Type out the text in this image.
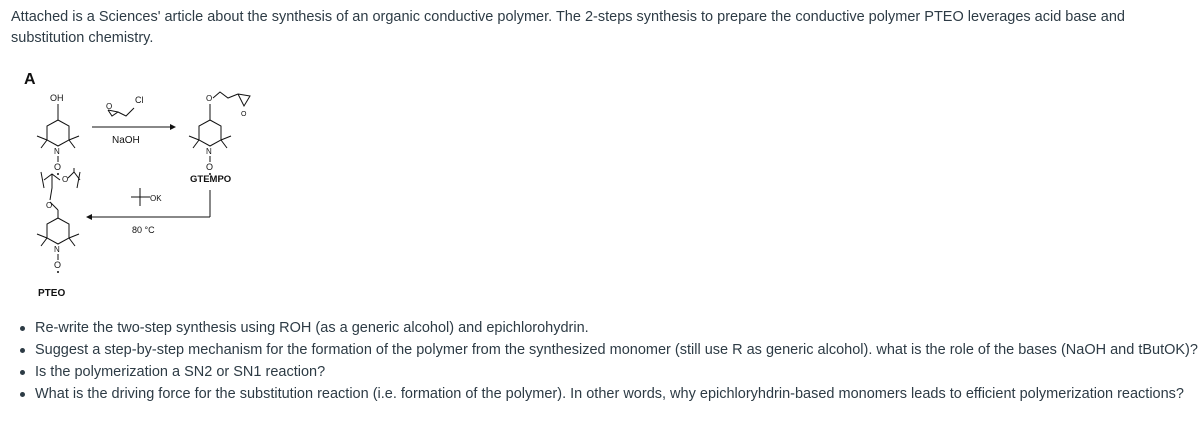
Attached is a Sciences' article about the synthesis of an organic conductive polymer. The 2-steps synthesis to prepare the conductive polymer PTEO leverages acid base and substitution chemistry.

A
OH
N
O
O
Cl
NaOH
O
O
N
O
GTEMPO
OK
80 °C
O
O
N
O
PTEO
Re-write the two-step synthesis using ROH (as a generic alcohol) and epichlorohydrin.
Suggest a step-by-step mechanism for the formation of the polymer from the synthesized monomer (still use R as generic alcohol). what is the role of the bases (NaOH and tButOK)?
Is the polymerization a SN2 or SN1 reaction?
What is the driving force for the substitution reaction (i.e. formation of the polymer). In other words, why epichloryhdrin-based monomers leads to efficient polymerization reactions?
